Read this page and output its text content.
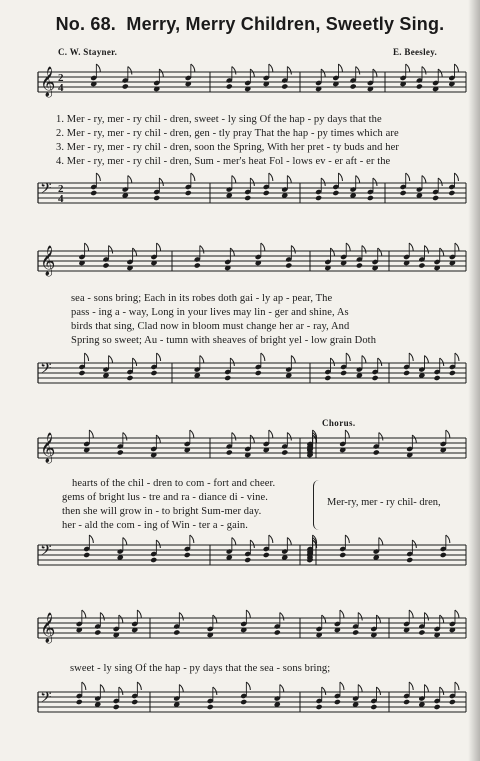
No. 68. Merry, Merry Children, Sweetly Sing.
C. W. Stayner.	E. Beesley.
𝄞 2
4
1. Mer - ry, mer - ry chil - dren, sweet - ly sing Of the hap - py days that the
2. Mer - ry, mer - ry chil - dren, gen - tly pray That the hap - py times which are
3. Mer - ry, mer - ry chil - dren, soon the Spring, With her pret - ty buds and her
4. Mer - ry, mer - ry chil - dren, Sum - mer's heat Fol - lows ev - er aft - er the
𝄢 2
4
𝄞
sea - sons bring; Each in its robes doth gai - ly ap - pear, The
pass - ing a - way, Long in your lives may lin - ger and shine, As
birds that sing, Clad now in bloom must change her ar - ray, And
Spring so sweet; Au - tumn with sheaves of bright yel - low grain Doth
𝄢
Chorus.
𝄞
hearts of the chil - dren to com - fort and cheer.
gems of bright lus - tre and ra - diance di - vine.
then she will grow in - to bright Sum-mer day.
her - ald the com - ing of Win - ter a - gain.
Mer-ry, mer - ry chil- dren,
𝄢
𝄞
sweet - ly sing Of the hap - py days that the sea - sons bring;
𝄢
